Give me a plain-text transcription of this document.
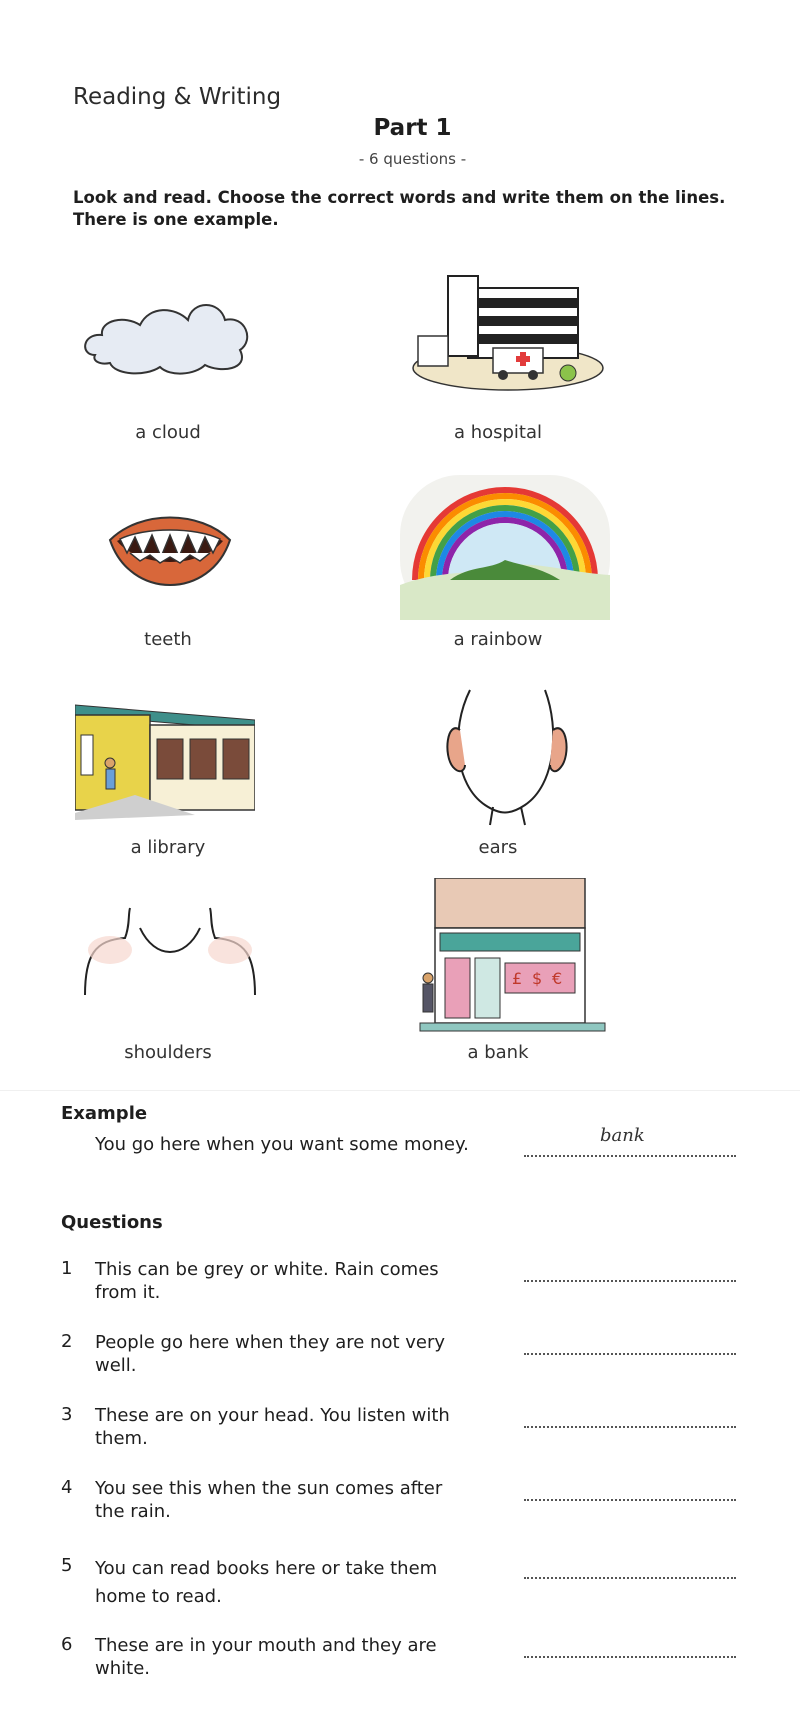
Reading & Writing
Part 1
- 6 questions -
Look and read. Choose the correct words and write them on the lines. There is one example.
a cloud	a hospital
teeth	a rainbow
a library	ears
shoulders
£ $ €
a bank
Example
You go here when you want some money.	bank
Questions
1	This can be grey or white. Rain comes from it.
2	People go here when they are not very well.
3	These are on your head. You listen with them.
4	You see this when the sun comes after the rain.
5	You can read books here or take them home to read.
6	These are in your mouth and they are white.
